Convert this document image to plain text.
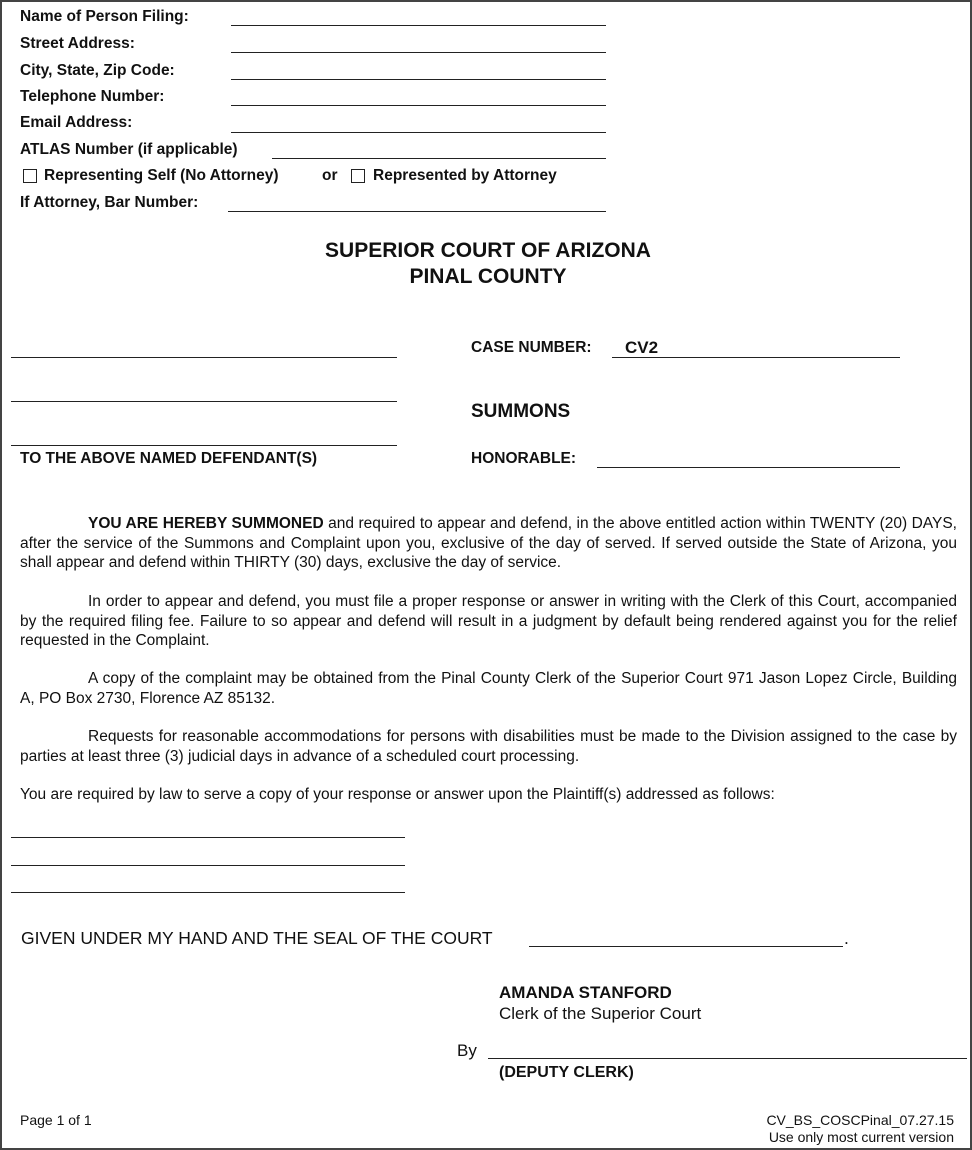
Name of Person Filing:
Street Address:
City, State, Zip Code:
Telephone Number:
Email Address:
ATLAS Number (if applicable)
Representing Self (No Attorney)	or Represented by Attorney
If Attorney, Bar Number:
SUPERIOR COURT OF ARIZONA
PINAL COUNTY
TO THE ABOVE NAMED DEFENDANT(S)
CASE NUMBER: CV2
SUMMONS
HONORABLE:
YOU ARE HEREBY SUMMONED and required to appear and defend, in the above entitled action within TWENTY (20) DAYS, after the service of the Summons and Complaint upon you, exclusive of the day of served. If served outside the State of Arizona, you shall appear and defend within THIRTY (30) days, exclusive the day of service.
In order to appear and defend, you must file a proper response or answer in writing with the Clerk of this Court, accompanied by the required filing fee. Failure to so appear and defend will result in a judgment by default being rendered against you for the relief requested in the Complaint.
A copy of the complaint may be obtained from the Pinal County Clerk of the Superior Court 971 Jason Lopez Circle, Building A, PO Box 2730, Florence AZ 85132.
Requests for reasonable accommodations for persons with disabilities must be made to the Division assigned to the case by parties at least three (3) judicial days in advance of a scheduled court processing.
You are required by law to serve a copy of your response or answer upon the Plaintiff(s) addressed as follows:
GIVEN UNDER MY HAND AND THE SEAL OF THE COURT	.
AMANDA STANFORD
Clerk of the Superior Court
By
(DEPUTY CLERK)
Page 1 of 1	CV_BS_COSCPinal_07.27.15
Use only most current version
